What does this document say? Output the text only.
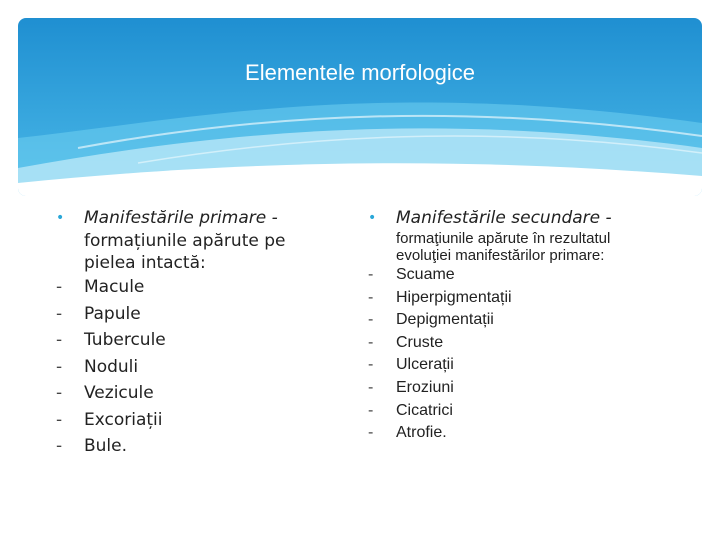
Elementele morfologice
• Manifestările primare -
formațiunile apărute pe pielea intactă:
- Macule
- Papule
- Tubercule
- Noduli
- Vezicule
- Excoriații
- Bule.
• Manifestările secundare -
formaţiunile apărute în rezultatul evoluţiei manifestărilor primare:
- Scuame
- Hiperpigmentații
- Depigmentații
- Cruste
- Ulcerații
- Eroziuni
- Cicatrici
- Atrofie.
